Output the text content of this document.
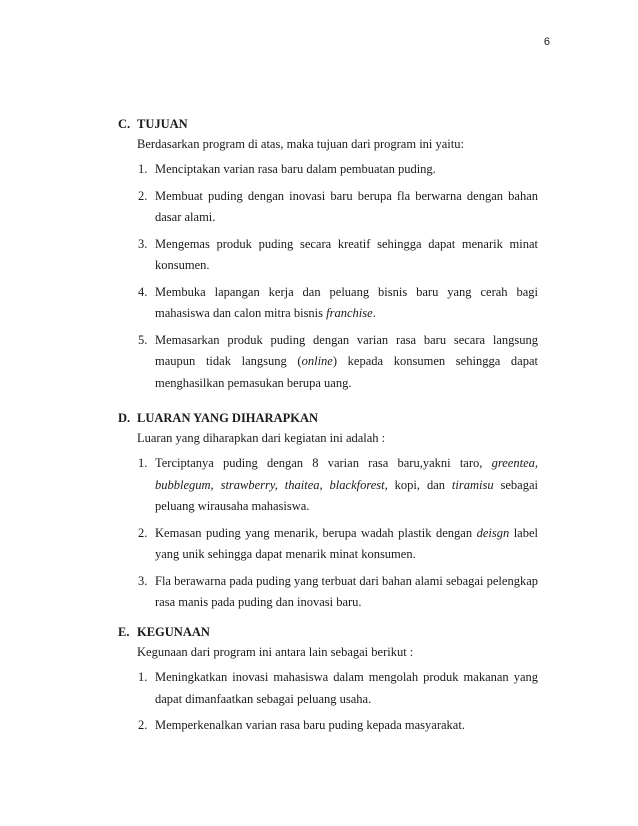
6
C. TUJUAN
Berdasarkan program di atas, maka tujuan dari program ini yaitu:
1. Menciptakan varian rasa baru dalam pembuatan puding.
2. Membuat puding dengan inovasi baru berupa fla berwarna dengan bahan dasar alami.
3. Mengemas produk puding secara kreatif sehingga dapat menarik minat konsumen.
4. Membuka lapangan kerja dan peluang bisnis baru yang cerah bagi mahasiswa dan calon mitra bisnis franchise.
5. Memasarkan produk puding dengan varian rasa baru secara langsung maupun tidak langsung (online) kepada konsumen sehingga dapat menghasilkan pemasukan berupa uang.
D. LUARAN YANG DIHARAPKAN
Luaran yang diharapkan dari kegiatan ini adalah :
1. Terciptanya puding dengan 8 varian rasa baru,yakni taro, greentea, bubblegum, strawberry, thaitea, blackforest, kopi, dan tiramisu sebagai peluang wirausaha mahasiswa.
2. Kemasan puding yang menarik, berupa wadah plastik dengan deisgn label yang unik sehingga dapat menarik minat konsumen.
3. Fla berawarna pada puding yang terbuat dari bahan alami sebagai pelengkap rasa manis pada puding dan inovasi baru.
E. KEGUNAAN
Kegunaan dari program ini antara lain sebagai berikut :
1. Meningkatkan inovasi mahasiswa dalam mengolah produk makanan yang dapat dimanfaatkan sebagai peluang usaha.
2. Memperkenalkan varian rasa baru puding kepada masyarakat.
